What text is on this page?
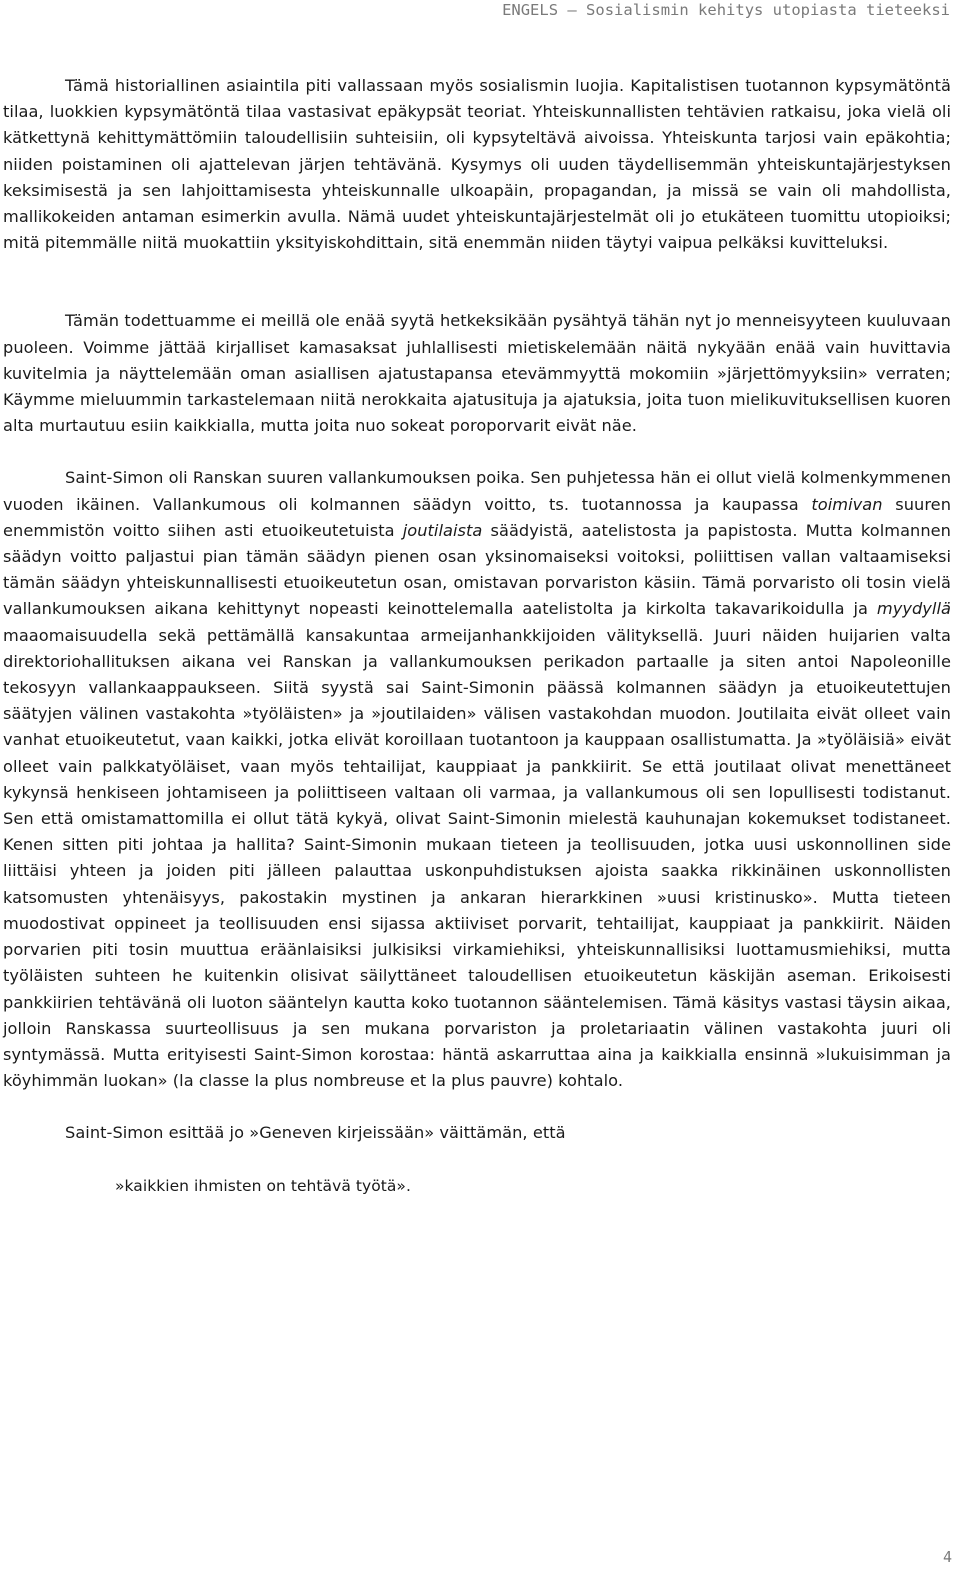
ENGELS – Sosialismin kehitys utopiasta tieteeksi

Tämä historiallinen asiaintila piti vallassaan myös sosialismin luojia. Kapitalistisen tuotannon kypsymätöntä tilaa, luokkien kypsymätöntä tilaa vastasivat epäkypsät teoriat. Yhteiskunnallisten tehtävien ratkaisu, joka vielä oli kätkettynä kehittymättömiin taloudellisiin suhteisiin, oli kypsyteltävä aivoissa. Yhteiskunta tarjosi vain epäkohtia; niiden poistaminen oli ajattelevan järjen tehtävänä. Kysymys oli uuden täydellisemmän yhteiskuntajärjestyksen keksimisestä ja sen lahjoittamisesta yhteiskunnalle ulkoapäin, propagandan, ja missä se vain oli mahdollista, mallikokeiden antaman esimerkin avulla. Nämä uudet yhteiskuntajärjestelmät oli jo etukäteen tuomittu utopioiksi; mitä pitemmälle niitä muokattiin yksityiskohdittain, sitä enemmän niiden täytyi vaipua pelkäksi kuvitteluksi.

Tämän todettuamme ei meillä ole enää syytä hetkeksikään pysähtyä tähän nyt jo menneisyyteen kuuluvaan puoleen. Voimme jättää kirjalliset kamasaksat juhlallisesti mietiskelemään näitä nykyään enää vain huvittavia kuvitelmia ja näyttelemään oman asiallisen ajatustapansa etevämmyyttä mokomiin »järjettömyyksiin» verraten; Käymme mieluummin tarkastelemaan niitä nerokkaita ajatusituja ja ajatuksia, joita tuon mielikuvituksellisen kuoren alta murtautuu esiin kaikkialla, mutta joita nuo sokeat poroporvarit eivät näe.

Saint-Simon oli Ranskan suuren vallankumouksen poika. Sen puhjetessa hän ei ollut vielä kolmenkymmenen vuoden ikäinen. Vallankumous oli kolmannen säädyn voitto, ts. tuotannossa ja kaupassa toimivan suuren enemmistön voitto siihen asti etuoikeutetuista joutilaista säädyistä, aatelistosta ja papistosta. Mutta kolmannen säädyn voitto paljastui pian tämän säädyn pienen osan yksinomaiseksi voitoksi, poliittisen vallan valtaamiseksi tämän säädyn yhteiskunnallisesti etuoikeutetun osan, omistavan porvariston käsiin. Tämä porvaristo oli tosin vielä vallankumouksen aikana kehittynyt nopeasti keinottelemalla aatelistolta ja kirkolta takavarikoidulla ja myydyllä maaomaisuudella sekä pettämällä kansakuntaa armeijanhankkijoiden välityksellä. Juuri näiden huijarien valta direktoriohallituksen aikana vei Ranskan ja vallankumouksen perikadon partaalle ja siten antoi Napoleonille tekosyyn vallankaappaukseen. Siitä syystä sai Saint-Simonin päässä kolmannen säädyn ja etuoikeutettujen säätyjen välinen vastakohta »työläisten» ja »joutilaiden» välisen vastakohdan muodon. Joutilaita eivät olleet vain vanhat etuoikeutetut, vaan kaikki, jotka elivät koroillaan tuotantoon ja kauppaan osallistumatta. Ja »työläisiä» eivät olleet vain palkkatyöläiset, vaan myös tehtailijat, kauppiaat ja pankkiirit. Se että joutilaat olivat menettäneet kykynsä henkiseen johtamiseen ja poliittiseen valtaan oli varmaa, ja vallankumous oli sen lopullisesti todistanut. Sen että omistamattomilla ei ollut tätä kykyä, olivat Saint-Simonin mielestä kauhunajan kokemukset todistaneet. Kenen sitten piti johtaa ja hallita? Saint-Simonin mukaan tieteen ja teollisuuden, jotka uusi uskonnollinen side liittäisi yhteen ja joiden piti jälleen palauttaa uskonpuhdistuksen ajoista saakka rikkinäinen uskonnollisten katsomusten yhtenäisyys, pakostakin mystinen ja ankaran hierarkkinen »uusi kristinusko». Mutta tieteen muodostivat oppineet ja teollisuuden ensi sijassa aktiiviset porvarit, tehtailijat, kauppiaat ja pankkiirit. Näiden porvarien piti tosin muuttua eräänlaisiksi julkisiksi virkamiehiksi, yhteiskunnallisiksi luottamusmiehiksi, mutta työläisten suhteen he kuitenkin olisivat säilyttäneet taloudellisen etuoikeutetun käskijän aseman. Erikoisesti pankkiirien tehtävänä oli luoton sääntelyn kautta koko tuotannon sääntelemisen. Tämä käsitys vastasi täysin aikaa, jolloin Ranskassa suurteollisuus ja sen mukana porvariston ja proletariaatin välinen vastakohta juuri oli syntymässä. Mutta erityisesti Saint-Simon korostaa: häntä askarruttaa aina ja kaikkialla ensinnä »lukuisimman ja köyhimmän luokan» (la classe la plus nombreuse et la plus pauvre) kohtalo.

Saint-Simon esittää jo »Geneven kirjeissään» väittämän, että

»kaikkien ihmisten on tehtävä työtä».

4
